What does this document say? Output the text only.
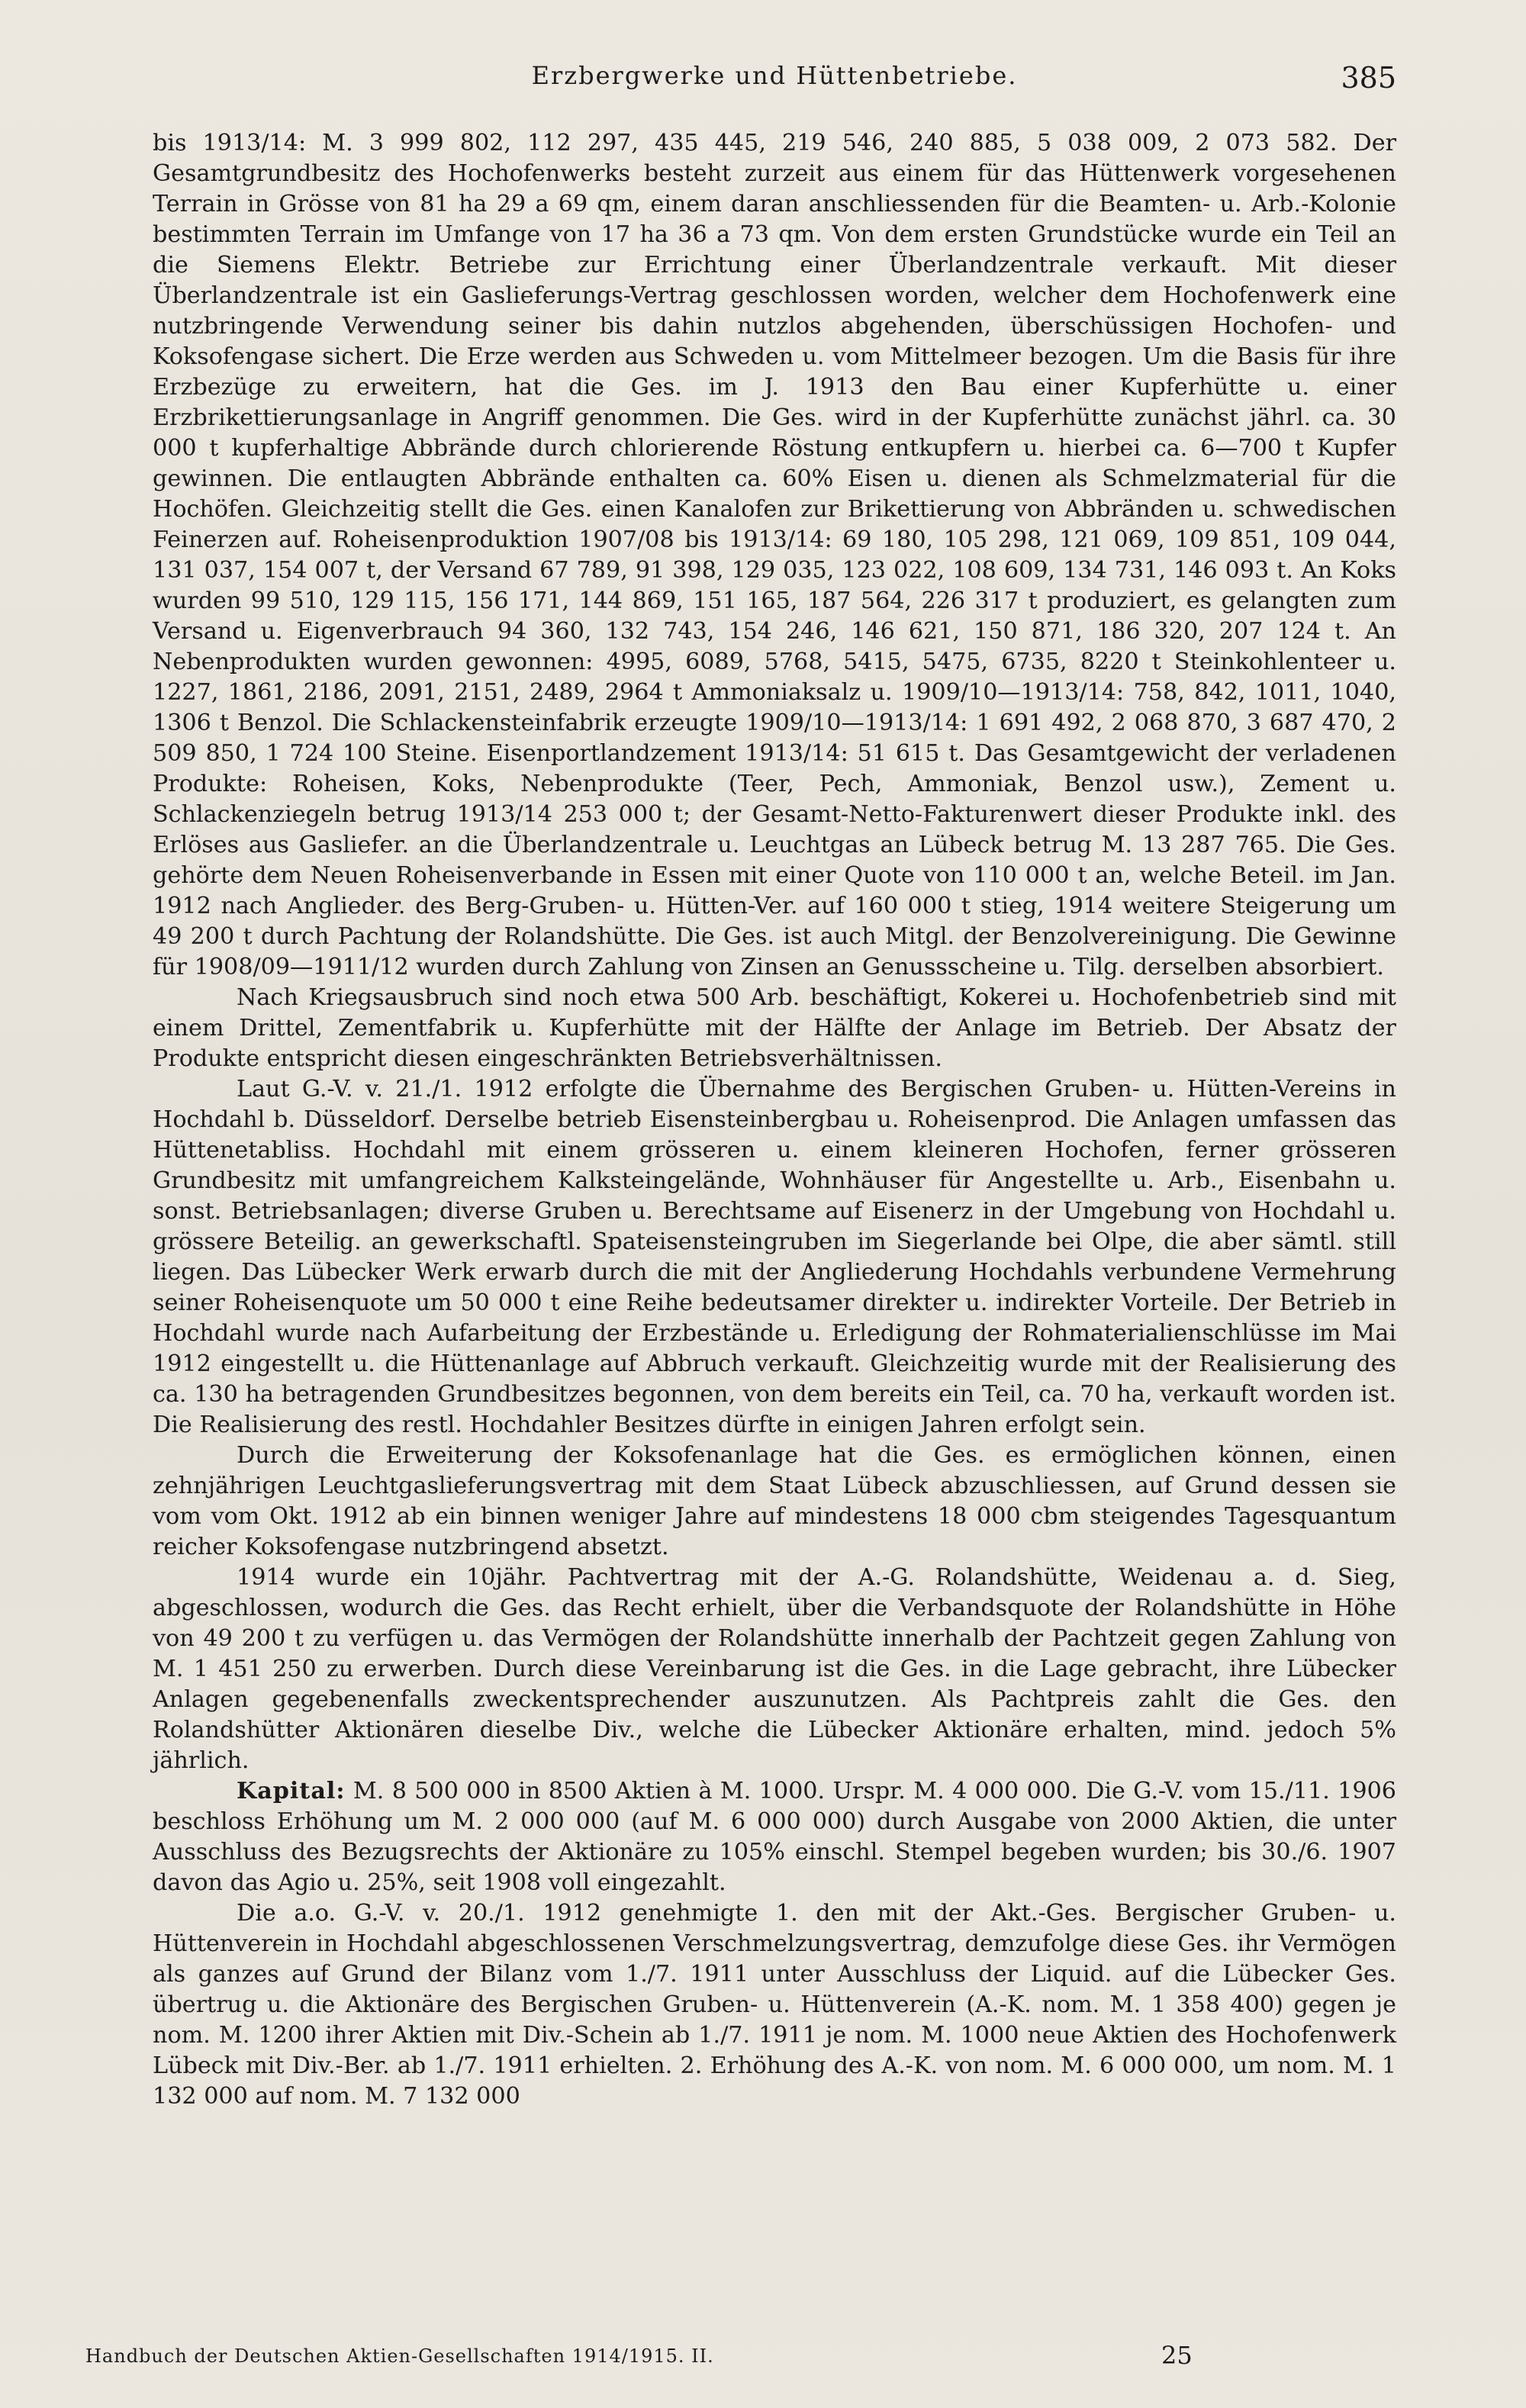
Erzbergwerke und Hüttenbetriebe.	385

bis 1913/14: M. 3 999 802, 112 297, 435 445, 219 546, 240 885, 5 038 009, 2 073 582. Der Gesamtgrundbesitz des Hochofenwerks besteht zurzeit aus einem für das Hüttenwerk vorgesehenen Terrain in Grösse von 81 ha 29 a 69 qm, einem daran anschliessenden für die Beamten- u. Arb.-Kolonie bestimmten Terrain im Umfange von 17 ha 36 a 73 qm. Von dem ersten Grundstücke wurde ein Teil an die Siemens Elektr. Betriebe zur Errichtung einer Überlandzentrale verkauft. Mit dieser Überlandzentrale ist ein Gaslieferungs-Vertrag geschlossen worden, welcher dem Hochofenwerk eine nutzbringende Verwendung seiner bis dahin nutzlos abgehenden, überschüssigen Hochofen- und Koksofengase sichert. Die Erze werden aus Schweden u. vom Mittelmeer bezogen. Um die Basis für ihre Erzbezüge zu erweitern, hat die Ges. im J. 1913 den Bau einer Kupferhütte u. einer Erzbrikettierungsanlage in Angriff genommen. Die Ges. wird in der Kupferhütte zunächst jährl. ca. 30 000 t kupferhaltige Abbrände durch chlorierende Röstung entkupfern u. hierbei ca. 6—700 t Kupfer gewinnen. Die entlaugten Abbrände enthalten ca. 60% Eisen u. dienen als Schmelzmaterial für die Hochöfen. Gleichzeitig stellt die Ges. einen Kanalofen zur Brikettierung von Abbränden u. schwedischen Feinerzen auf. Roheisenproduktion 1907/08 bis 1913/14: 69 180, 105 298, 121 069, 109 851, 109 044, 131 037, 154 007 t, der Versand 67 789, 91 398, 129 035, 123 022, 108 609, 134 731, 146 093 t. An Koks wurden 99 510, 129 115, 156 171, 144 869, 151 165, 187 564, 226 317 t produziert, es gelangten zum Versand u. Eigenverbrauch 94 360, 132 743, 154 246, 146 621, 150 871, 186 320, 207 124 t. An Nebenprodukten wurden gewonnen: 4995, 6089, 5768, 5415, 5475, 6735, 8220 t Steinkohlenteer u. 1227, 1861, 2186, 2091, 2151, 2489, 2964 t Ammoniaksalz u. 1909/10—1913/14: 758, 842, 1011, 1040, 1306 t Benzol. Die Schlackensteinfabrik erzeugte 1909/10—1913/14: 1 691 492, 2 068 870, 3 687 470, 2 509 850, 1 724 100 Steine. Eisenportlandzement 1913/14: 51 615 t. Das Gesamtgewicht der verladenen Produkte: Roheisen, Koks, Nebenprodukte (Teer, Pech, Ammoniak, Benzol usw.), Zement u. Schlackenziegeln betrug 1913/14 253 000 t; der Gesamt-Netto-Fakturenwert dieser Produkte inkl. des Erlöses aus Gasliefer. an die Überlandzentrale u. Leuchtgas an Lübeck betrug M. 13 287 765. Die Ges. gehörte dem Neuen Roheisenverbande in Essen mit einer Quote von 110 000 t an, welche Beteil. im Jan. 1912 nach Anglieder. des Berg-Gruben- u. Hütten-Ver. auf 160 000 t stieg, 1914 weitere Steigerung um 49 200 t durch Pachtung der Rolandshütte. Die Ges. ist auch Mitgl. der Benzolvereinigung. Die Gewinne für 1908/09—1911/12 wurden durch Zahlung von Zinsen an Genussscheine u. Tilg. derselben absorbiert.

Nach Kriegsausbruch sind noch etwa 500 Arb. beschäftigt, Kokerei u. Hochofenbetrieb sind mit einem Drittel, Zementfabrik u. Kupferhütte mit der Hälfte der Anlage im Betrieb. Der Absatz der Produkte entspricht diesen eingeschränkten Betriebsverhältnissen.

Laut G.-V. v. 21./1. 1912 erfolgte die Übernahme des Bergischen Gruben- u. Hütten-Vereins in Hochdahl b. Düsseldorf. Derselbe betrieb Eisensteinbergbau u. Roheisenprod. Die Anlagen umfassen das Hüttenetabliss. Hochdahl mit einem grösseren u. einem kleineren Hochofen, ferner grösseren Grundbesitz mit umfangreichem Kalksteingelände, Wohnhäuser für Angestellte u. Arb., Eisenbahn u. sonst. Betriebsanlagen; diverse Gruben u. Berechtsame auf Eisenerz in der Umgebung von Hochdahl u. grössere Beteilig. an gewerkschaftl. Spateisensteingruben im Siegerlande bei Olpe, die aber sämtl. still liegen. Das Lübecker Werk erwarb durch die mit der Angliederung Hochdahls verbundene Vermehrung seiner Roheisenquote um 50 000 t eine Reihe bedeutsamer direkter u. indirekter Vorteile. Der Betrieb in Hochdahl wurde nach Aufarbeitung der Erzbestände u. Erledigung der Rohmaterialienschlüsse im Mai 1912 eingestellt u. die Hüttenanlage auf Abbruch verkauft. Gleichzeitig wurde mit der Realisierung des ca. 130 ha betragenden Grundbesitzes begonnen, von dem bereits ein Teil, ca. 70 ha, verkauft worden ist. Die Realisierung des restl. Hochdahler Besitzes dürfte in einigen Jahren erfolgt sein.

Durch die Erweiterung der Koksofenanlage hat die Ges. es ermöglichen können, einen zehnjährigen Leuchtgaslieferungsvertrag mit dem Staat Lübeck abzuschliessen, auf Grund dessen sie vom vom Okt. 1912 ab ein binnen weniger Jahre auf mindestens 18 000 cbm steigendes Tagesquantum reicher Koksofengase nutzbringend absetzt.

1914 wurde ein 10jähr. Pachtvertrag mit der A.-G. Rolandshütte, Weidenau a. d. Sieg, abgeschlossen, wodurch die Ges. das Recht erhielt, über die Verbandsquote der Rolandshütte in Höhe von 49 200 t zu verfügen u. das Vermögen der Rolandshütte innerhalb der Pachtzeit gegen Zahlung von M. 1 451 250 zu erwerben. Durch diese Vereinbarung ist die Ges. in die Lage gebracht, ihre Lübecker Anlagen gegebenenfalls zweckentsprechender auszunutzen. Als Pachtpreis zahlt die Ges. den Rolandshütter Aktionären dieselbe Div., welche die Lübecker Aktionäre erhalten, mind. jedoch 5% jährlich.

Kapital: M. 8 500 000 in 8500 Aktien à M. 1000. Urspr. M. 4 000 000. Die G.-V. vom 15./11. 1906 beschloss Erhöhung um M. 2 000 000 (auf M. 6 000 000) durch Ausgabe von 2000 Aktien, die unter Ausschluss des Bezugsrechts der Aktionäre zu 105% einschl. Stempel begeben wurden; bis 30./6. 1907 davon das Agio u. 25%, seit 1908 voll eingezahlt.

Die a.o. G.-V. v. 20./1. 1912 genehmigte 1. den mit der Akt.-Ges. Bergischer Gruben- u. Hüttenverein in Hochdahl abgeschlossenen Verschmelzungsvertrag, demzufolge diese Ges. ihr Vermögen als ganzes auf Grund der Bilanz vom 1./7. 1911 unter Ausschluss der Liquid. auf die Lübecker Ges. übertrug u. die Aktionäre des Bergischen Gruben- u. Hüttenverein (A.-K. nom. M. 1 358 400) gegen je nom. M. 1200 ihrer Aktien mit Div.-Schein ab 1./7. 1911 je nom. M. 1000 neue Aktien des Hochofenwerk Lübeck mit Div.-Ber. ab 1./7. 1911 erhielten. 2. Erhöhung des A.-K. von nom. M. 6 000 000, um nom. M. 1 132 000 auf nom. M. 7 132 000

Handbuch der Deutschen Aktien-Gesellschaften 1914/1915. II.	25
